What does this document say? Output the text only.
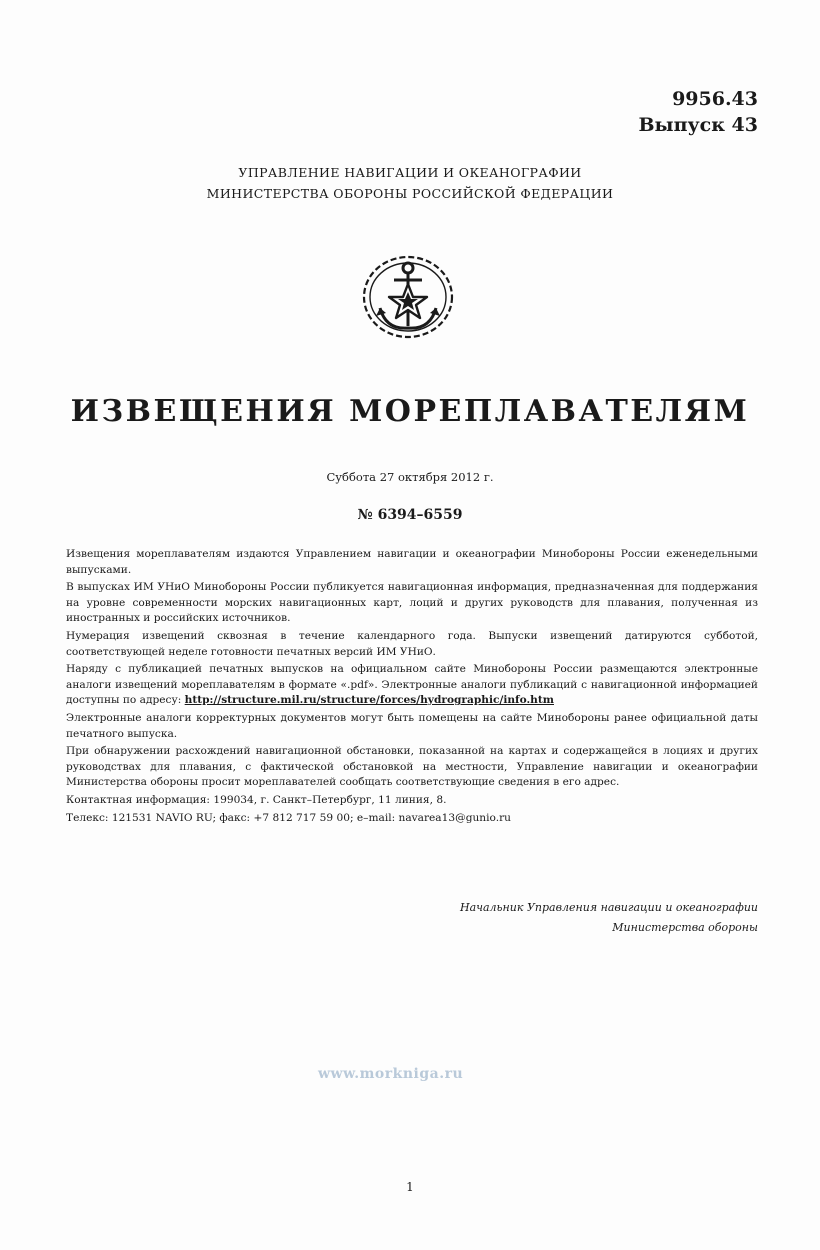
9956.43
Выпуск 43
УПРАВЛЕНИЕ НАВИГАЦИИ И ОКЕАНОГРАФИИ
МИНИСТЕРСТВА ОБОРОНЫ РОССИЙСКОЙ ФЕДЕРАЦИИ
ИЗВЕЩЕНИЯ МОРЕПЛАВАТЕЛЯМ
Суббота 27 октября 2012 г.
№ 6394–6559

Извещения мореплавателям издаются Управлением навигации и океанографии Минобороны России еженедельными выпусками.

В выпусках ИМ УНиО Минобороны России публикуется навигационная информация, предназначенная для поддержания на уровне современности морских навигационных карт, лоций и других руководств для плавания, полученная из иностранных и российских источников.

Нумерация извещений сквозная в течение календарного года. Выпуски извещений датируются субботой, соответствующей неделе готовности печатных версий ИМ УНиО.

Наряду с публикацией печатных выпусков на официальном сайте Минобороны России размещаются электронные аналоги извещений мореплавателям в формате «.pdf». Электронные аналоги публикаций с навигационной информацией доступны по адресу: http://structure.mil.ru/structure/forces/hydrographic/info.htm

Электронные аналоги корректурных документов могут быть помещены на сайте Минобороны ранее официальной даты печатного выпуска.

При обнаружении расхождений навигационной обстановки, показанной на картах и содержащейся в лоциях и других руководствах для плавания, с фактической обстановкой на местности, Управление навигации и океанографии Министерства обороны просит мореплавателей сообщать соответствующие сведения в его адрес.

Контактная информация: 199034, г. Санкт–Петербург, 11 линия, 8.

Телекс: 121531 NAVIO RU; факс: +7 812 717 59 00; e–mail: navarea13@gunio.ru

Начальник Управления навигации и океанографии
Министерства обороны
www.morkniga.ru
1
